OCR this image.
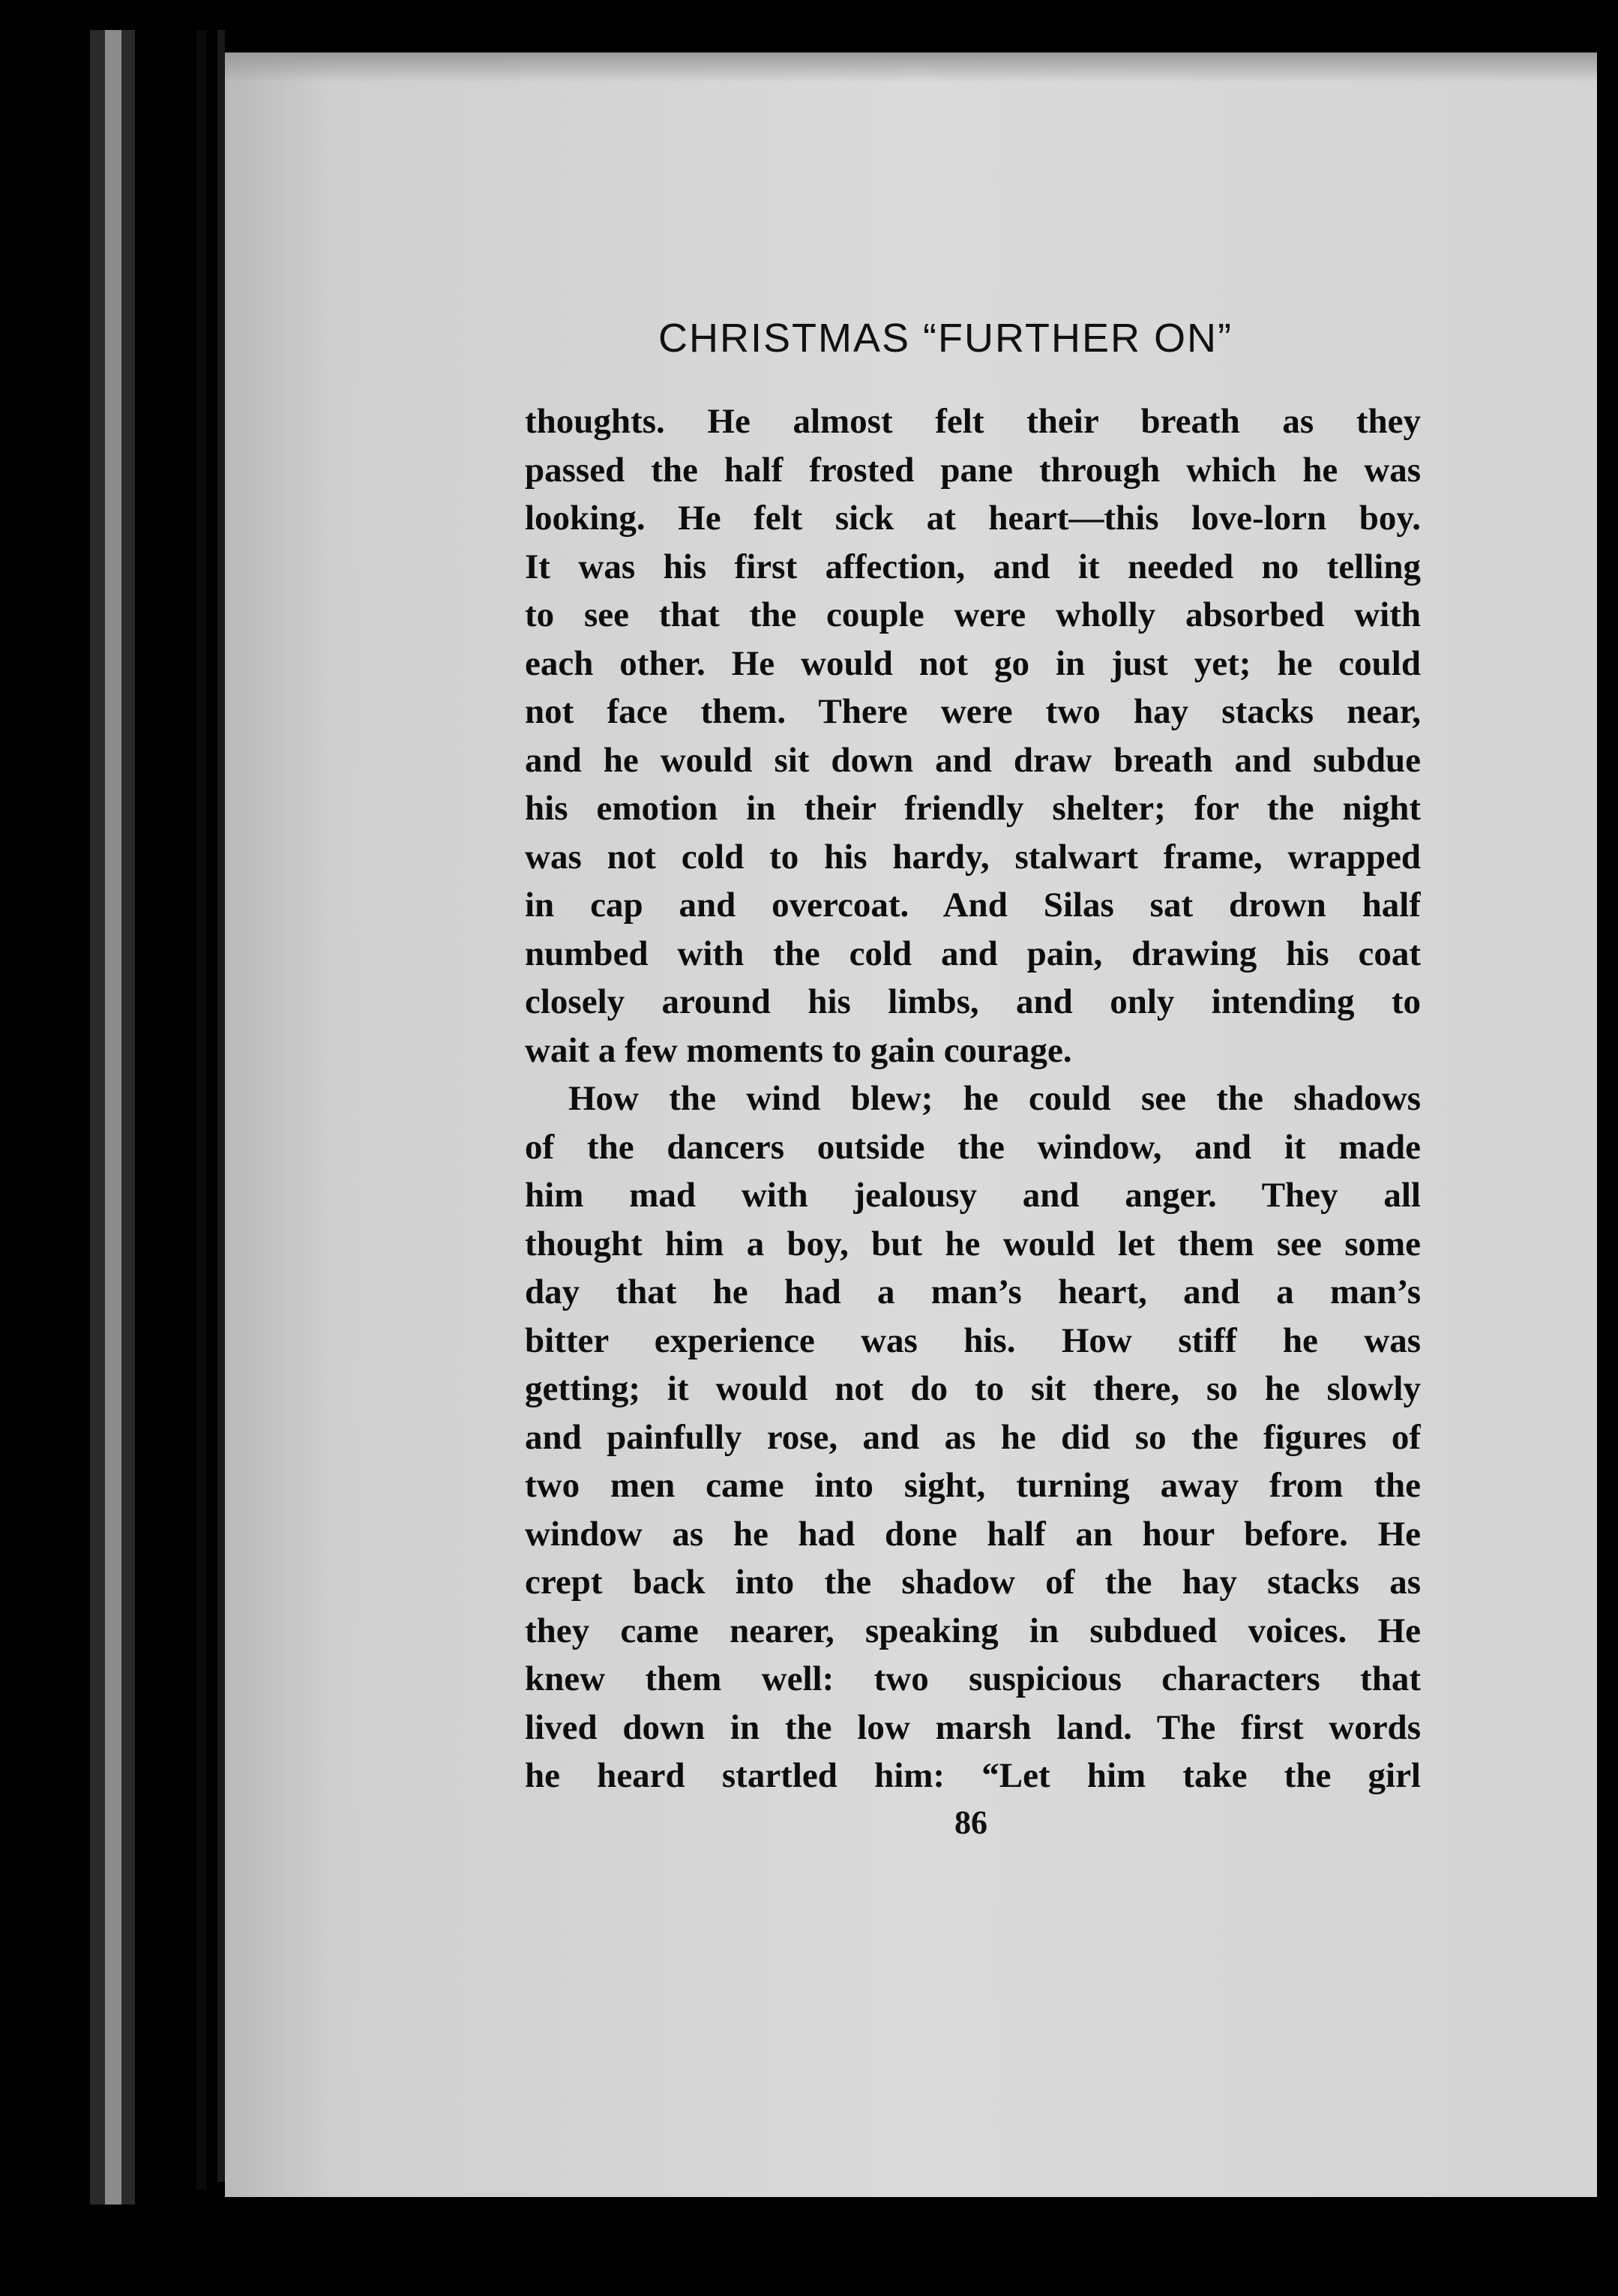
CHRISTMAS “FURTHER ON”
thoughts. He almost felt their breath as they
passed the half frosted pane through which he was
looking. He felt sick at heart—this love-lorn boy.
It was his first affection, and it needed no telling
to see that the couple were wholly absorbed with
each other. He would not go in just yet; he could
not face them. There were two hay stacks near,
and he would sit down and draw breath and subdue
his emotion in their friendly shelter; for the night
was not cold to his hardy, stalwart frame, wrapped
in cap and overcoat. And Silas sat drown half
numbed with the cold and pain, drawing his coat
closely around his limbs, and only intending to
wait a few moments to gain courage.
How the wind blew; he could see the shadows
of the dancers outside the window, and it made
him mad with jealousy and anger. They all
thought him a boy, but he would let them see some
day that he had a man’s heart, and a man’s
bitter experience was his. How stiff he was
getting; it would not do to sit there, so he slowly
and painfully rose, and as he did so the figures of
two men came into sight, turning away from the
window as he had done half an hour before. He
crept back into the shadow of the hay stacks as
they came nearer, speaking in subdued voices. He
knew them well: two suspicious characters that
lived down in the low marsh land. The first words
he heard startled him: “Let him take the girl
86
